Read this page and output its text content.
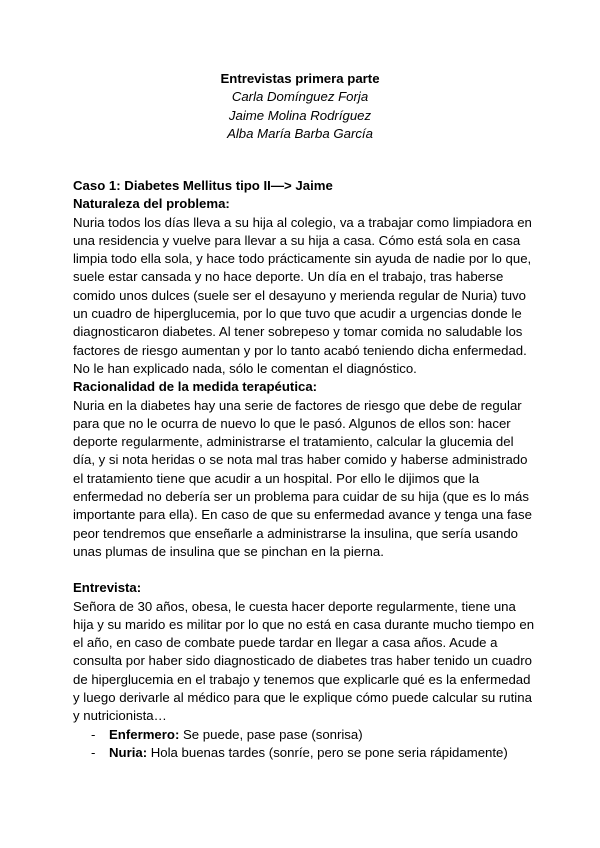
Entrevistas primera parte
Carla Domínguez Forja
Jaime Molina Rodríguez
Alba María Barba García

Caso 1: Diabetes Mellitus tipo II—> Jaime

Naturaleza del problema:

Nuria todos los días lleva a su hija al colegio, va a trabajar como limpiadora en una residencia y vuelve para llevar a su hija a casa. Cómo está sola en casa limpia todo ella sola, y hace todo prácticamente sin ayuda de nadie por lo que, suele estar cansada y no hace deporte. Un día en el trabajo, tras haberse comido unos dulces (suele ser el desayuno y merienda regular de Nuria) tuvo un cuadro de hiperglucemia, por lo que tuvo que acudir a urgencias donde le diagnosticaron diabetes. Al tener sobrepeso y tomar comida no saludable los factores de riesgo aumentan y por lo tanto acabó teniendo dicha enfermedad. No le han explicado nada, sólo le comentan el diagnóstico.

Racionalidad de la medida terapéutica:

Nuria en la diabetes hay una serie de factores de riesgo que debe de regular para que no le ocurra de nuevo lo que le pasó. Algunos de ellos son: hacer deporte regularmente, administrarse el tratamiento, calcular la glucemia del día, y si nota heridas o se nota mal tras haber comido y haberse administrado el tratamiento tiene que acudir a un hospital. Por ello le dijimos que la enfermedad no debería ser un problema para cuidar de su hija (que es lo más importante para ella). En caso de que su enfermedad avance y tenga una fase peor tendremos que enseñarle a administrarse la insulina, que sería usando unas plumas de insulina que se pinchan en la pierna.

Entrevista:

Señora de 30 años, obesa, le cuesta hacer deporte regularmente, tiene una hija y su marido es militar por lo que no está en casa durante mucho tiempo en el año, en caso de combate puede tardar en llegar a casa años. Acude a consulta por haber sido diagnosticado de diabetes tras haber tenido un cuadro de hiperglucemia en el trabajo y tenemos que explicarle qué es la enfermedad y luego derivarle al médico para que le explique cómo puede calcular su rutina y nutricionista…

- Enfermero: Se puede, pase pase (sonrisa)
- Nuria: Hola buenas tardes (sonríe, pero se pone seria rápidamente)
